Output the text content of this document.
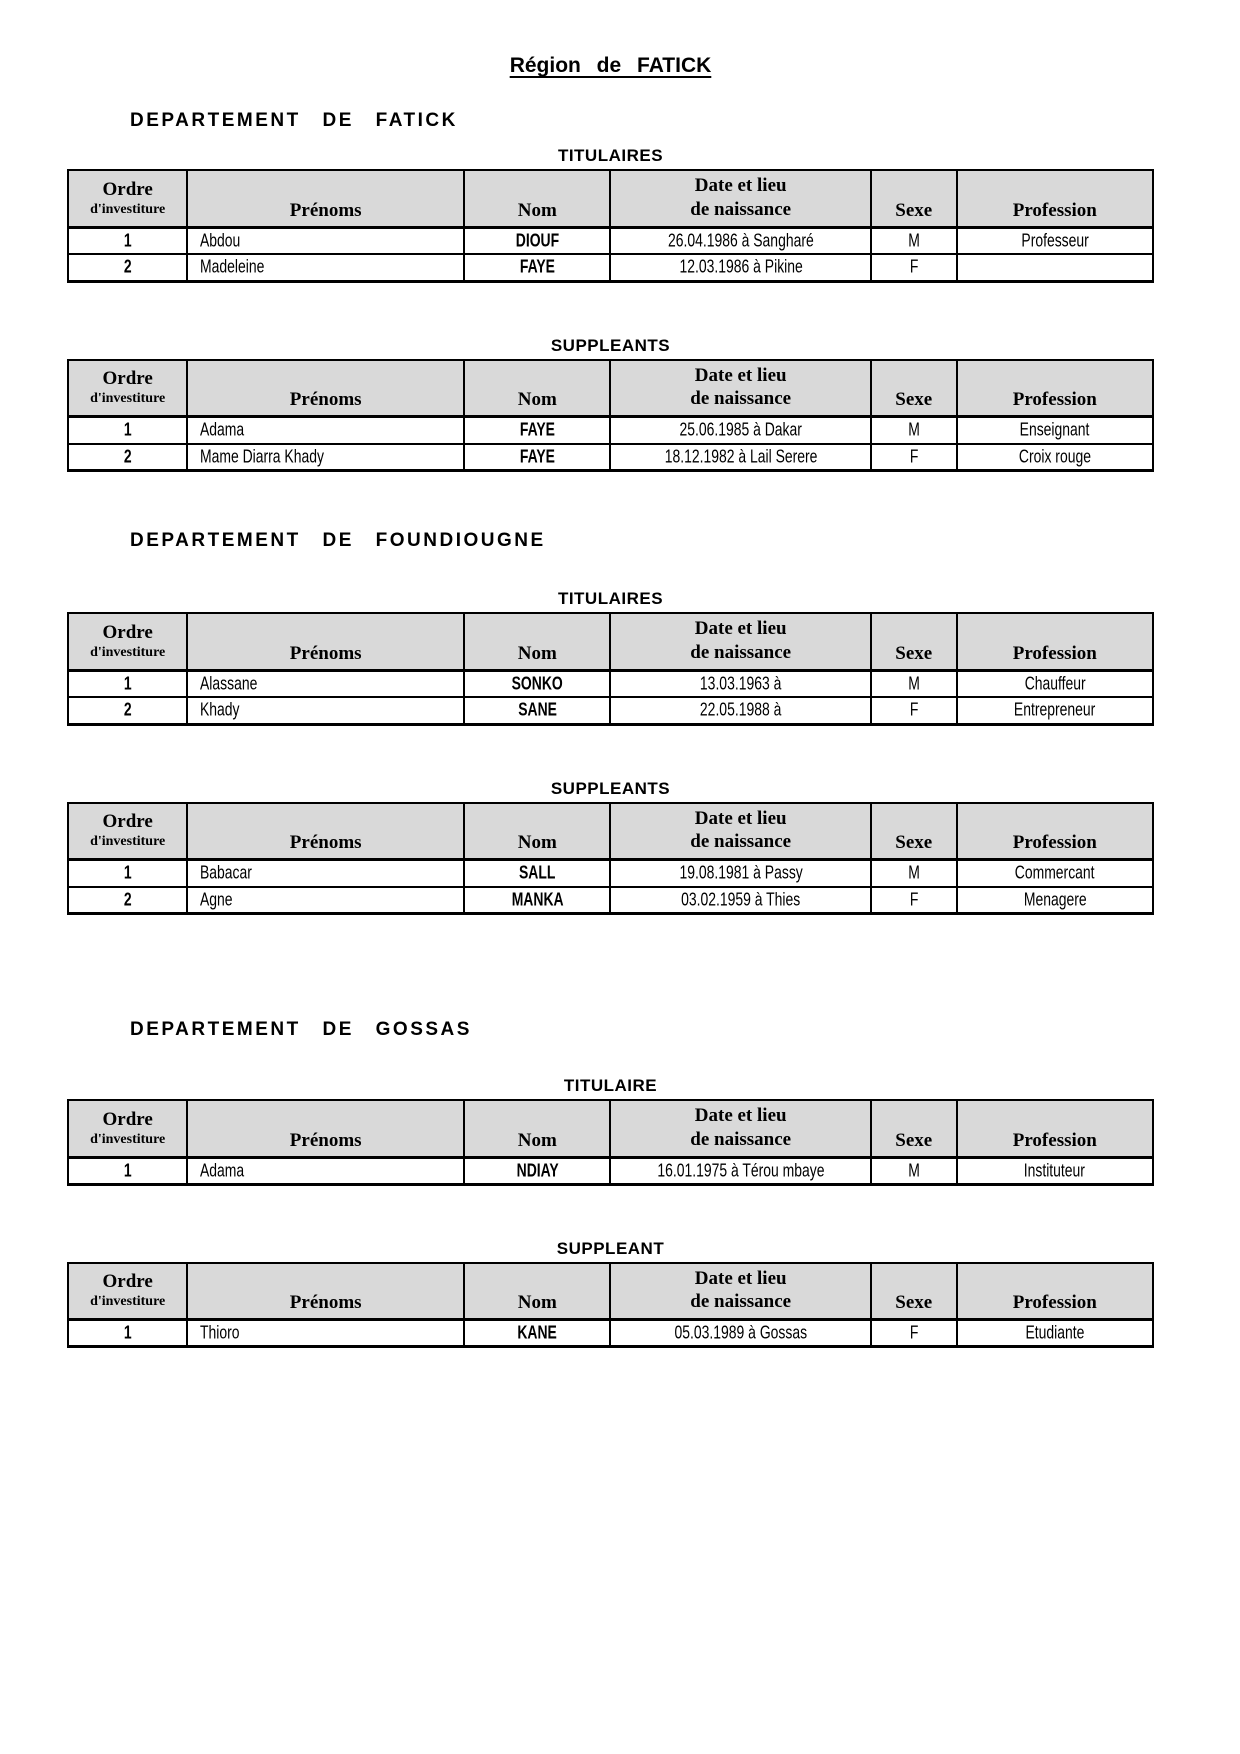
Région de FATICK
DEPARTEMENT DE FATICK
TITULAIRES
Ordre
d'investiture	Prénoms	Nom	Date et lieu
de naissance	Sexe	Profession
1	Abdou	DIOUF	26.04.1986 à Sangharé	M	Professeur
2	Madeleine	FAYE	12.03.1986 à Pikine	F	
SUPPLEANTS
Ordre
d'investiture	Prénoms	Nom	Date et lieu
de naissance	Sexe	Profession
1	Adama	FAYE	25.06.1985 à Dakar	M	Enseignant
2	Mame Diarra Khady	FAYE	18.12.1982 à Lail Serere	F	Croix rouge
DEPARTEMENT DE FOUNDIOUGNE
TITULAIRES
Ordre
d'investiture	Prénoms	Nom	Date et lieu
de naissance	Sexe	Profession
1	Alassane	SONKO	13.03.1963 à	M	Chauffeur
2	Khady	SANE	22.05.1988 à	F	Entrepreneur
SUPPLEANTS
Ordre
d'investiture	Prénoms	Nom	Date et lieu
de naissance	Sexe	Profession
1	Babacar	SALL	19.08.1981 à Passy	M	Commercant
2	Agne	MANKA	03.02.1959 à Thies	F	Menagere
DEPARTEMENT DE GOSSAS
TITULAIRE
Ordre
d'investiture	Prénoms	Nom	Date et lieu
de naissance	Sexe	Profession
1	Adama	NDIAY	16.01.1975 à Térou mbaye	M	Instituteur
SUPPLEANT
Ordre
d'investiture	Prénoms	Nom	Date et lieu
de naissance	Sexe	Profession
1	Thioro	KANE	05.03.1989 à Gossas	F	Etudiante
